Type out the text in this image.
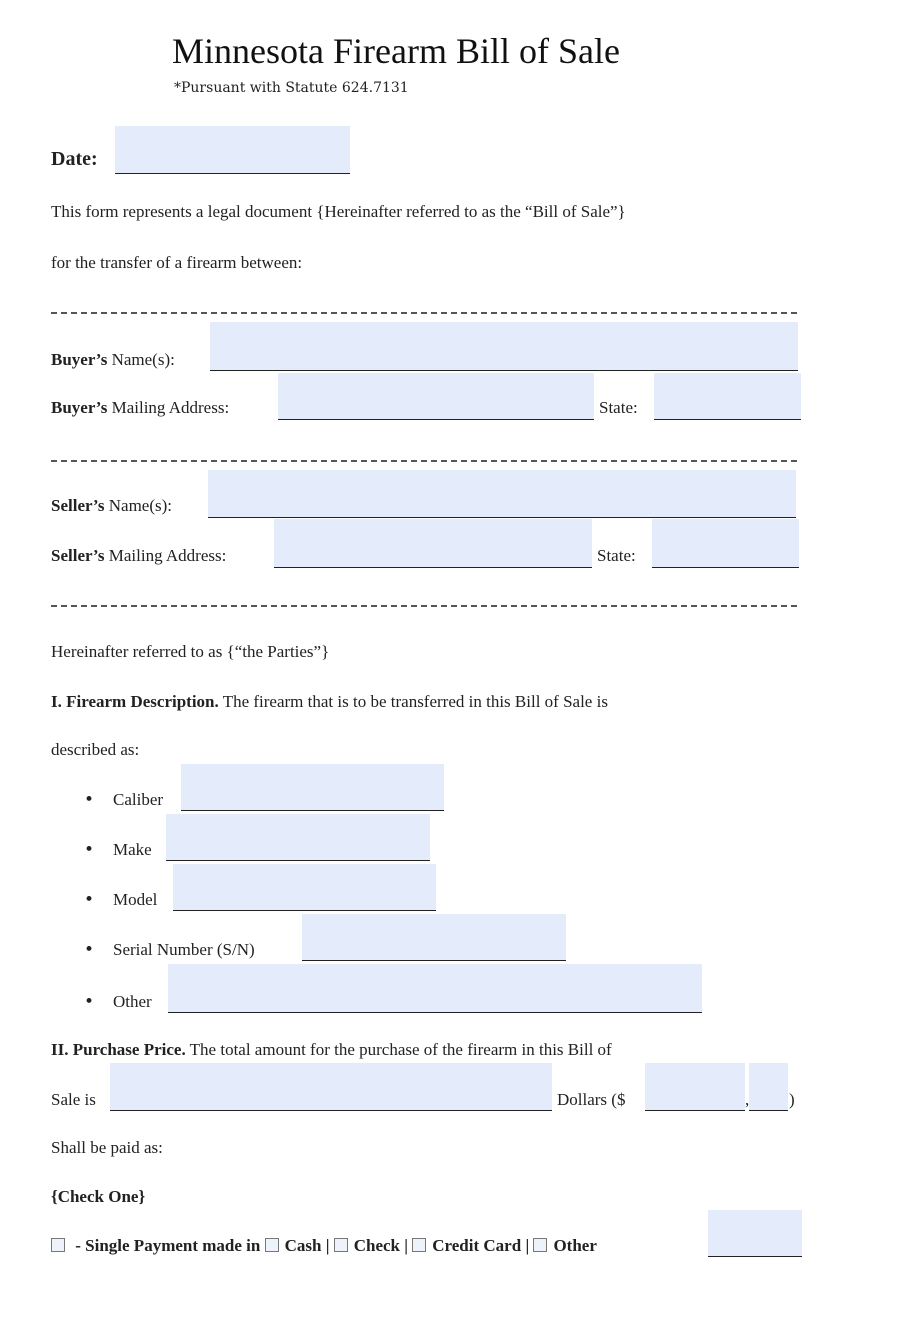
Minnesota Firearm Bill of Sale
*Pursuant with Statute 624.7131
Date:
This form represents a legal document {Hereinafter referred to as the “Bill of Sale”}
for the transfer of a firearm between:
Buyer’s Name(s):
Buyer’s Mailing Address:	State:
Seller’s Name(s):
Seller’s Mailing Address:	State:
Hereinafter referred to as {“the Parties”}
I. Firearm Description. The firearm that is to be transferred in this Bill of Sale is
described as:
• Caliber
• Make
• Model
• Serial Number (S/N)
• Other
II. Purchase Price. The total amount for the purchase of the firearm in this Bill of
Sale is	Dollars ($	, )
Shall be paid as:
{Check One}
- Single Payment made in Cash | Check | Credit Card | Other
